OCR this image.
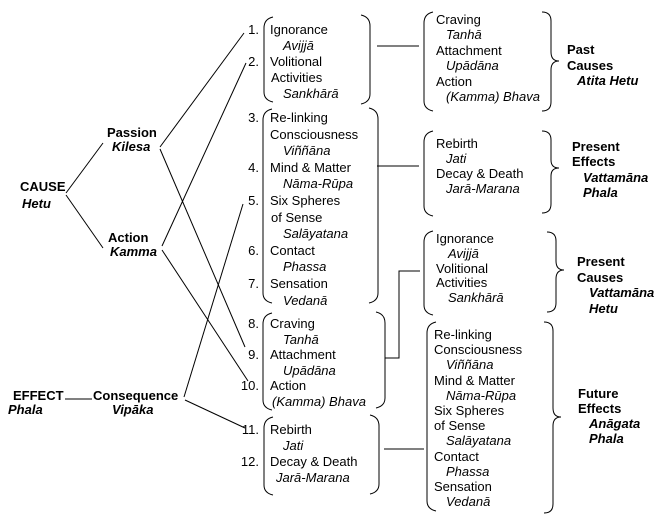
CAUSE
Hetu
Passion
Kilesa
Action
Kamma
EFFECT
Phala
Consequence
Vipāka
1. Ignorance
Avijjā
2. Volitional
Activities
Sankhārā
3. Re-linking
Consciousness
Viññāna
4. Mind & Matter
Nāma-Rūpa
5. Six Spheres
of Sense
Salāyatana
6. Contact
Phassa
7. Sensation
Vedanā
8. Craving
Tanhā
9. Attachment
Upādāna
10. Action
(Kamma) Bhava
11. Rebirth
Jati
12. Decay & Death
Jarā-Marana
Craving
Tanhā
Attachment
Upādāna
Action
(Kamma) Bhava
Rebirth
Jati
Decay & Death
Jarā-Marana
Ignorance
Avijjā
Volitional
Activities
Sankhārā
Re-linking
Consciousness
Viññāna
Mind & Matter
Nāma-Rūpa
Six Spheres
of Sense
Salāyatana
Contact
Phassa
Sensation
Vedanā
Past
Causes
Atita Hetu
Present
Effects
Vattamāna
Phala
Present
Causes
Vattamāna
Hetu
Future
Effects
Anāgata
Phala
